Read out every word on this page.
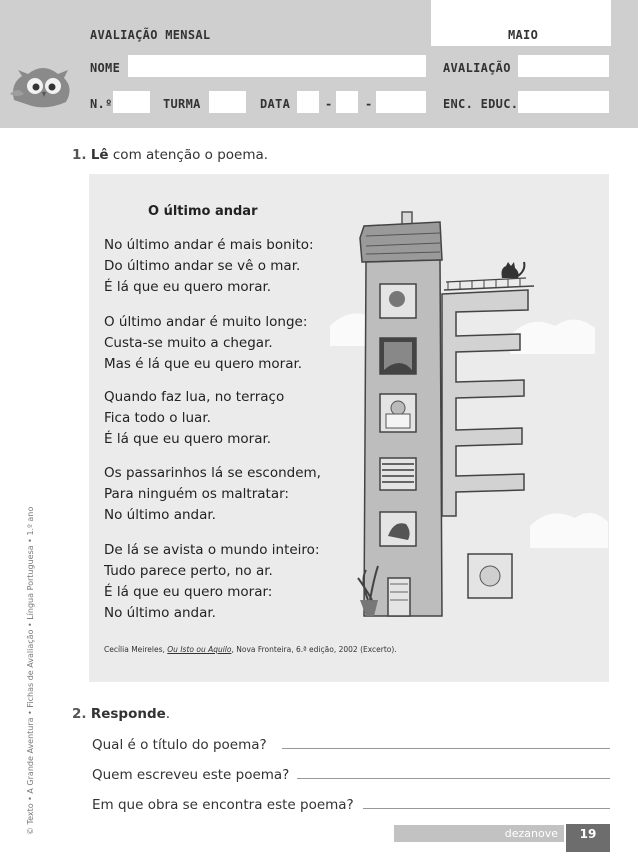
AVALIAÇÃO MENSAL	MAIO
NOME	AVALIAÇÃO
N.º	TURMA	DATA	-	-	ENC. EDUC.
1. Lê com atenção o poema.
O último andar
No último andar é mais bonito:
Do último andar se vê o mar.
É lá que eu quero morar.
O último andar é muito longe:
Custa-se muito a chegar.
Mas é lá que eu quero morar.
Quando faz lua, no terraço
Fica todo o luar.
É lá que eu quero morar.
Os passarinhos lá se escondem,
Para ninguém os maltratar:
No último andar.
De lá se avista o mundo inteiro:
Tudo parece perto, no ar.
É lá que eu quero morar:
No último andar.
Cecília Meireles, Ou Isto ou Aquilo, Nova Fronteira, 6.ª edição, 2002 (Excerto).
2. Responde.
Qual é o título do poema?
Quem escreveu este poema?
Em que obra se encontra este poema?
© Texto • A Grande Aventura • Fichas de Avaliação • Língua Portuguesa • 1.º ano	dezanove	19
